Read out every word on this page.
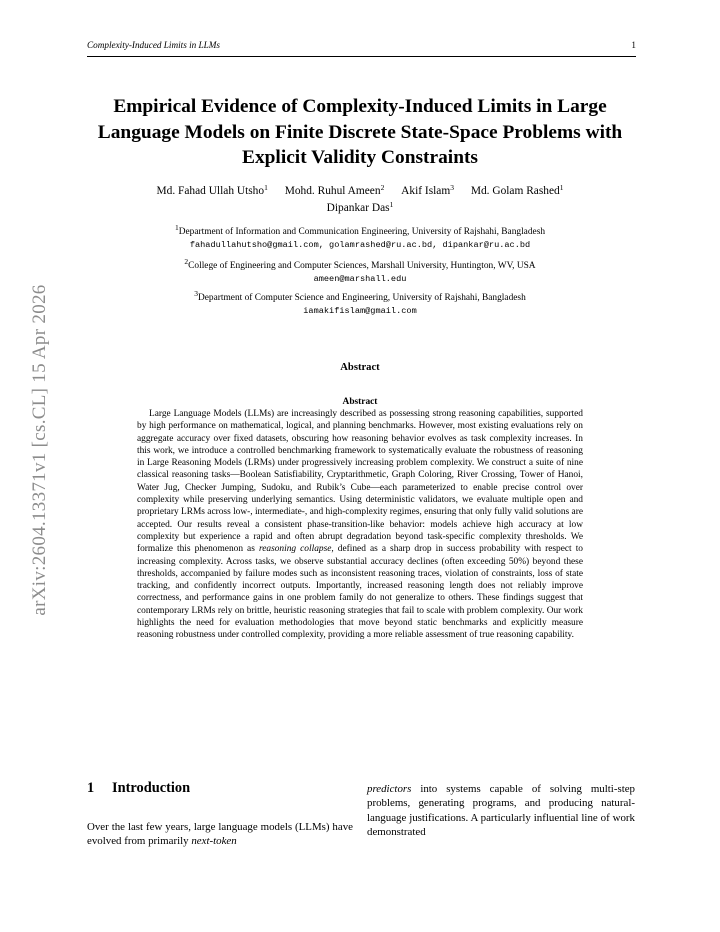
Complexity-Induced Limits in LLMs	1
arXiv:2604.13371v1 [cs.CL] 15 Apr 2026
Empirical Evidence of Complexity-Induced Limits in Large Language Models on Finite Discrete State-Space Problems with Explicit Validity Constraints
Md. Fahad Ullah Utsho$^1$ Mohd. Ruhul Ameen$^2$ Akif Islam$^3$ Md. Golam Rashed$^1$
Dipankar Das$^1$
$^1$Department of Information and Communication Engineering, University of Rajshahi, Bangladesh
fahadullahutsho@gmail.com, golamrashed@ru.ac.bd, dipankar@ru.ac.bd
$^2$College of Engineering and Computer Sciences, Marshall University, Huntington, WV, USA
ameen@marshall.edu
$^3$Department of Computer Science and Engineering, University of Rajshahi, Bangladesh
iamakifislam@gmail.com
Abstract
Abstract

Large Language Models (LLMs) are increasingly described as possessing strong reasoning capabilities, supported by high performance on mathematical, logical, and planning benchmarks. However, most existing evaluations rely on aggregate accuracy over fixed datasets, obscuring how reasoning behavior evolves as task complexity increases. In this work, we introduce a controlled benchmarking framework to systematically evaluate the robustness of reasoning in Large Reasoning Models (LRMs) under progressively increasing problem complexity. We construct a suite of nine classical reasoning tasks—Boolean Satisfiability, Cryptarithmetic, Graph Coloring, River Crossing, Tower of Hanoi, Water Jug, Checker Jumping, Sudoku, and Rubik’s Cube—each parameterized to enable precise control over complexity while preserving underlying semantics. Using deterministic validators, we evaluate multiple open and proprietary LRMs across low-, intermediate-, and high-complexity regimes, ensuring that only fully valid solutions are accepted. Our results reveal a consistent phase-transition-like behavior: models achieve high accuracy at low complexity but experience a rapid and often abrupt degradation beyond task-specific complexity thresholds. We formalize this phenomenon as reasoning collapse, defined as a sharp drop in success probability with respect to increasing complexity. Across tasks, we observe substantial accuracy declines (often exceeding 50%) beyond these thresholds, accompanied by failure modes such as inconsistent reasoning traces, violation of constraints, loss of state tracking, and confidently incorrect outputs. Importantly, increased reasoning length does not reliably improve correctness, and performance gains in one problem family do not generalize to others. These findings suggest that contemporary LRMs rely on brittle, heuristic reasoning strategies that fail to scale with problem complexity. Our work highlights the need for evaluation methodologies that move beyond static benchmarks and explicitly measure reasoning robustness under controlled complexity, providing a more reliable assessment of true reasoning capability.

1 Introduction

Over the last few years, large language models (LLMs) have evolved from primarily next-token

predictors into systems capable of solving multi-step problems, generating programs, and producing natural-language justifications. A particularly influential line of work demonstrated
